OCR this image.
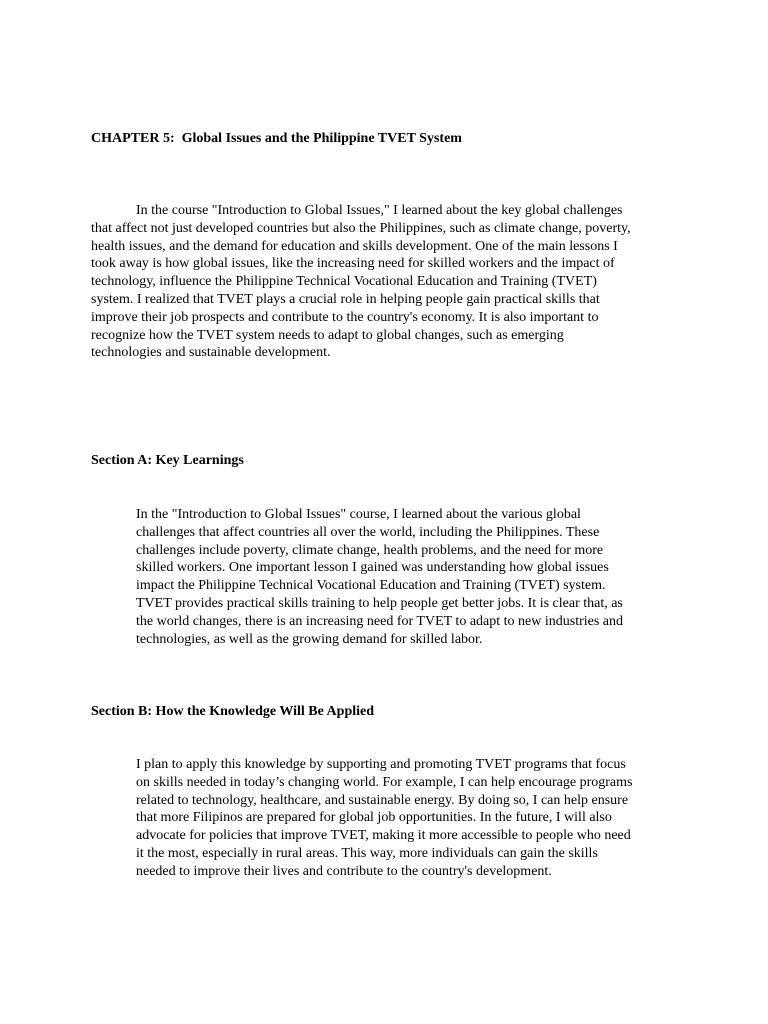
CHAPTER 5:  Global Issues and the Philippine TVET System
In the course "Introduction to Global Issues," I learned about the key global challenges
that affect not just developed countries but also the Philippines, such as climate change, poverty,
health issues, and the demand for education and skills development. One of the main lessons I
took away is how global issues, like the increasing need for skilled workers and the impact of
technology, influence the Philippine Technical Vocational Education and Training (TVET)
system. I realized that TVET plays a crucial role in helping people gain practical skills that
improve their job prospects and contribute to the country's economy. It is also important to
recognize how the TVET system needs to adapt to global changes, such as emerging
technologies and sustainable development.
Section A: Key Learnings
In the "Introduction to Global Issues" course, I learned about the various global
challenges that affect countries all over the world, including the Philippines. These
challenges include poverty, climate change, health problems, and the need for more
skilled workers. One important lesson I gained was understanding how global issues
impact the Philippine Technical Vocational Education and Training (TVET) system.
TVET provides practical skills training to help people get better jobs. It is clear that, as
the world changes, there is an increasing need for TVET to adapt to new industries and
technologies, as well as the growing demand for skilled labor.
Section B: How the Knowledge Will Be Applied
I plan to apply this knowledge by supporting and promoting TVET programs that focus
on skills needed in today’s changing world. For example, I can help encourage programs
related to technology, healthcare, and sustainable energy. By doing so, I can help ensure
that more Filipinos are prepared for global job opportunities. In the future, I will also
advocate for policies that improve TVET, making it more accessible to people who need
it the most, especially in rural areas. This way, more individuals can gain the skills
needed to improve their lives and contribute to the country's development.
